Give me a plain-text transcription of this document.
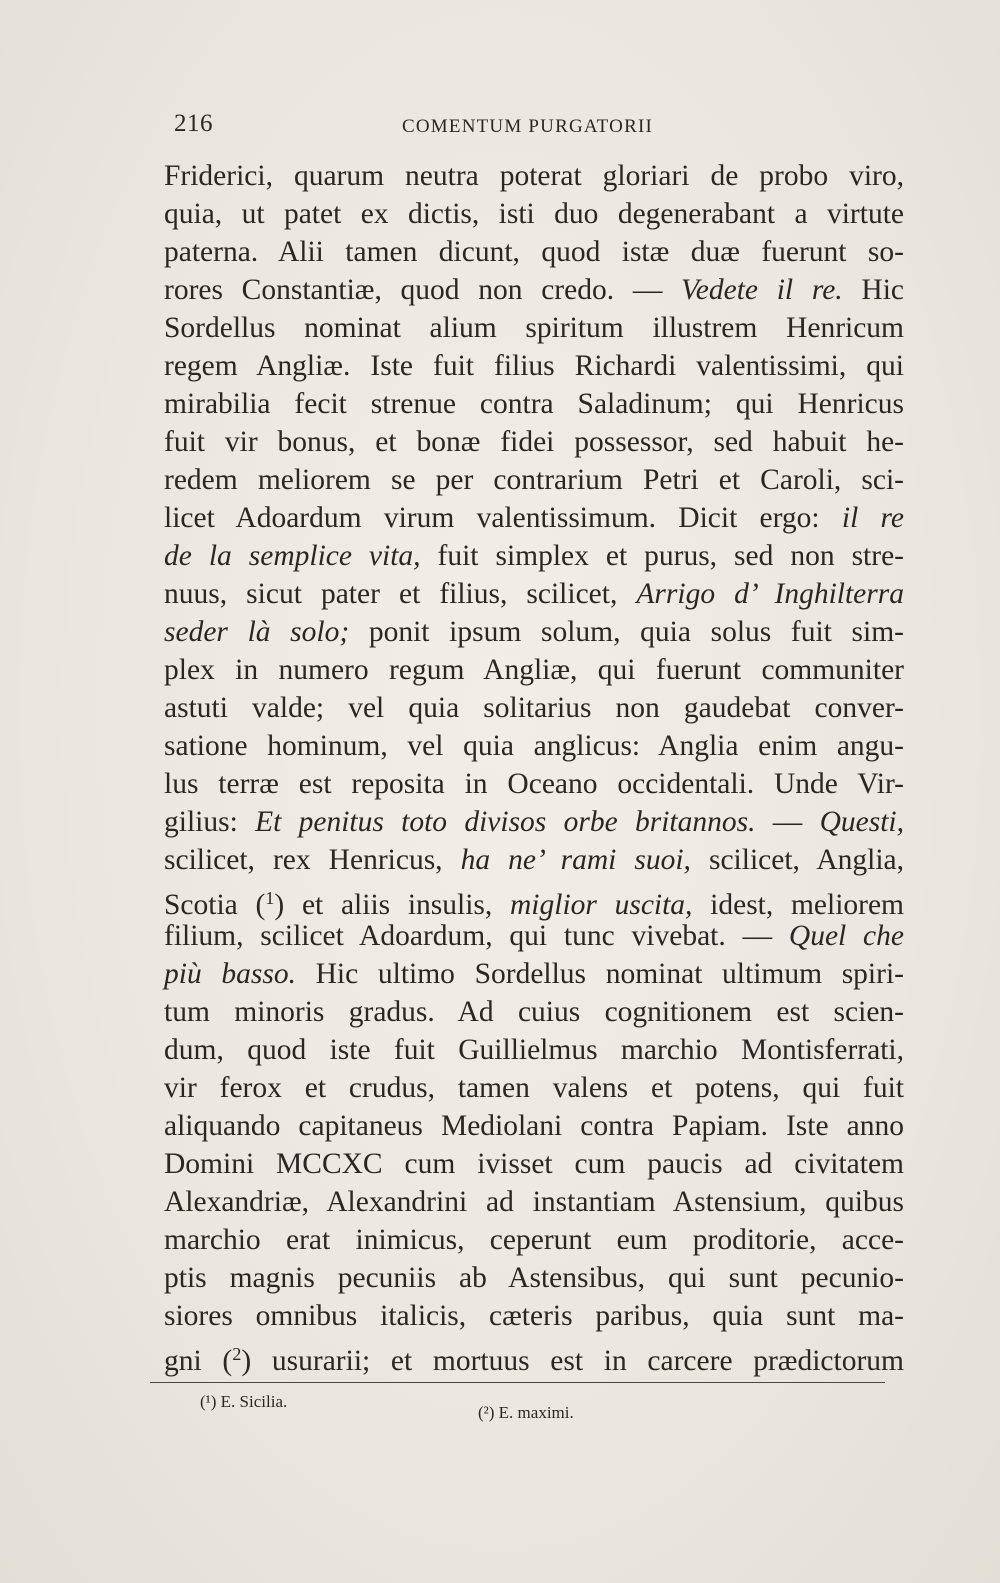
216	COMENTUM PURGATORII
Friderici, quarum neutra poterat gloriari de probo viro,
quia, ut patet ex dictis, isti duo degenerabant a virtute
paterna. Alii tamen dicunt, quod istæ duæ fuerunt so-
rores Constantiæ, quod non credo. — Vedete il re. Hic
Sordellus nominat alium spiritum illustrem Henricum
regem Angliæ. Iste fuit filius Richardi valentissimi, qui
mirabilia fecit strenue contra Saladinum; qui Henricus
fuit vir bonus, et bonæ fidei possessor, sed habuit he-
redem meliorem se per contrarium Petri et Caroli, sci-
licet Adoardum virum valentissimum. Dicit ergo: il re
de la semplice vita, fuit simplex et purus, sed non stre-
nuus, sicut pater et filius, scilicet, Arrigo d’ Inghilterra
seder là solo; ponit ipsum solum, quia solus fuit sim-
plex in numero regum Angliæ, qui fuerunt communiter
astuti valde; vel quia solitarius non gaudebat conver-
satione hominum, vel quia anglicus: Anglia enim angu-
lus terræ est reposita in Oceano occidentali. Unde Vir-
gilius: Et penitus toto divisos orbe britannos. — Questi,
scilicet, rex Henricus, ha ne’ rami suoi, scilicet, Anglia,
Scotia ($^1$) et aliis insulis, miglior uscita, idest, meliorem
filium, scilicet Adoardum, qui tunc vivebat. — Quel che
più basso. Hic ultimo Sordellus nominat ultimum spiri-
tum minoris gradus. Ad cuius cognitionem est scien-
dum, quod iste fuit Guillielmus marchio Montisferrati,
vir ferox et crudus, tamen valens et potens, qui fuit
aliquando capitaneus Mediolani contra Papiam. Iste anno
Domini MCCXC cum ivisset cum paucis ad civitatem
Alexandriæ, Alexandrini ad instantiam Astensium, quibus
marchio erat inimicus, ceperunt eum proditorie, acce-
ptis magnis pecuniis ab Astensibus, qui sunt pecunio-
siores omnibus italicis, cæteris paribus, quia sunt ma-
gni ($^2$) usurarii; et mortuus est in carcere prædictorum
(¹) E. Sicilia.
(²) E. maximi.
